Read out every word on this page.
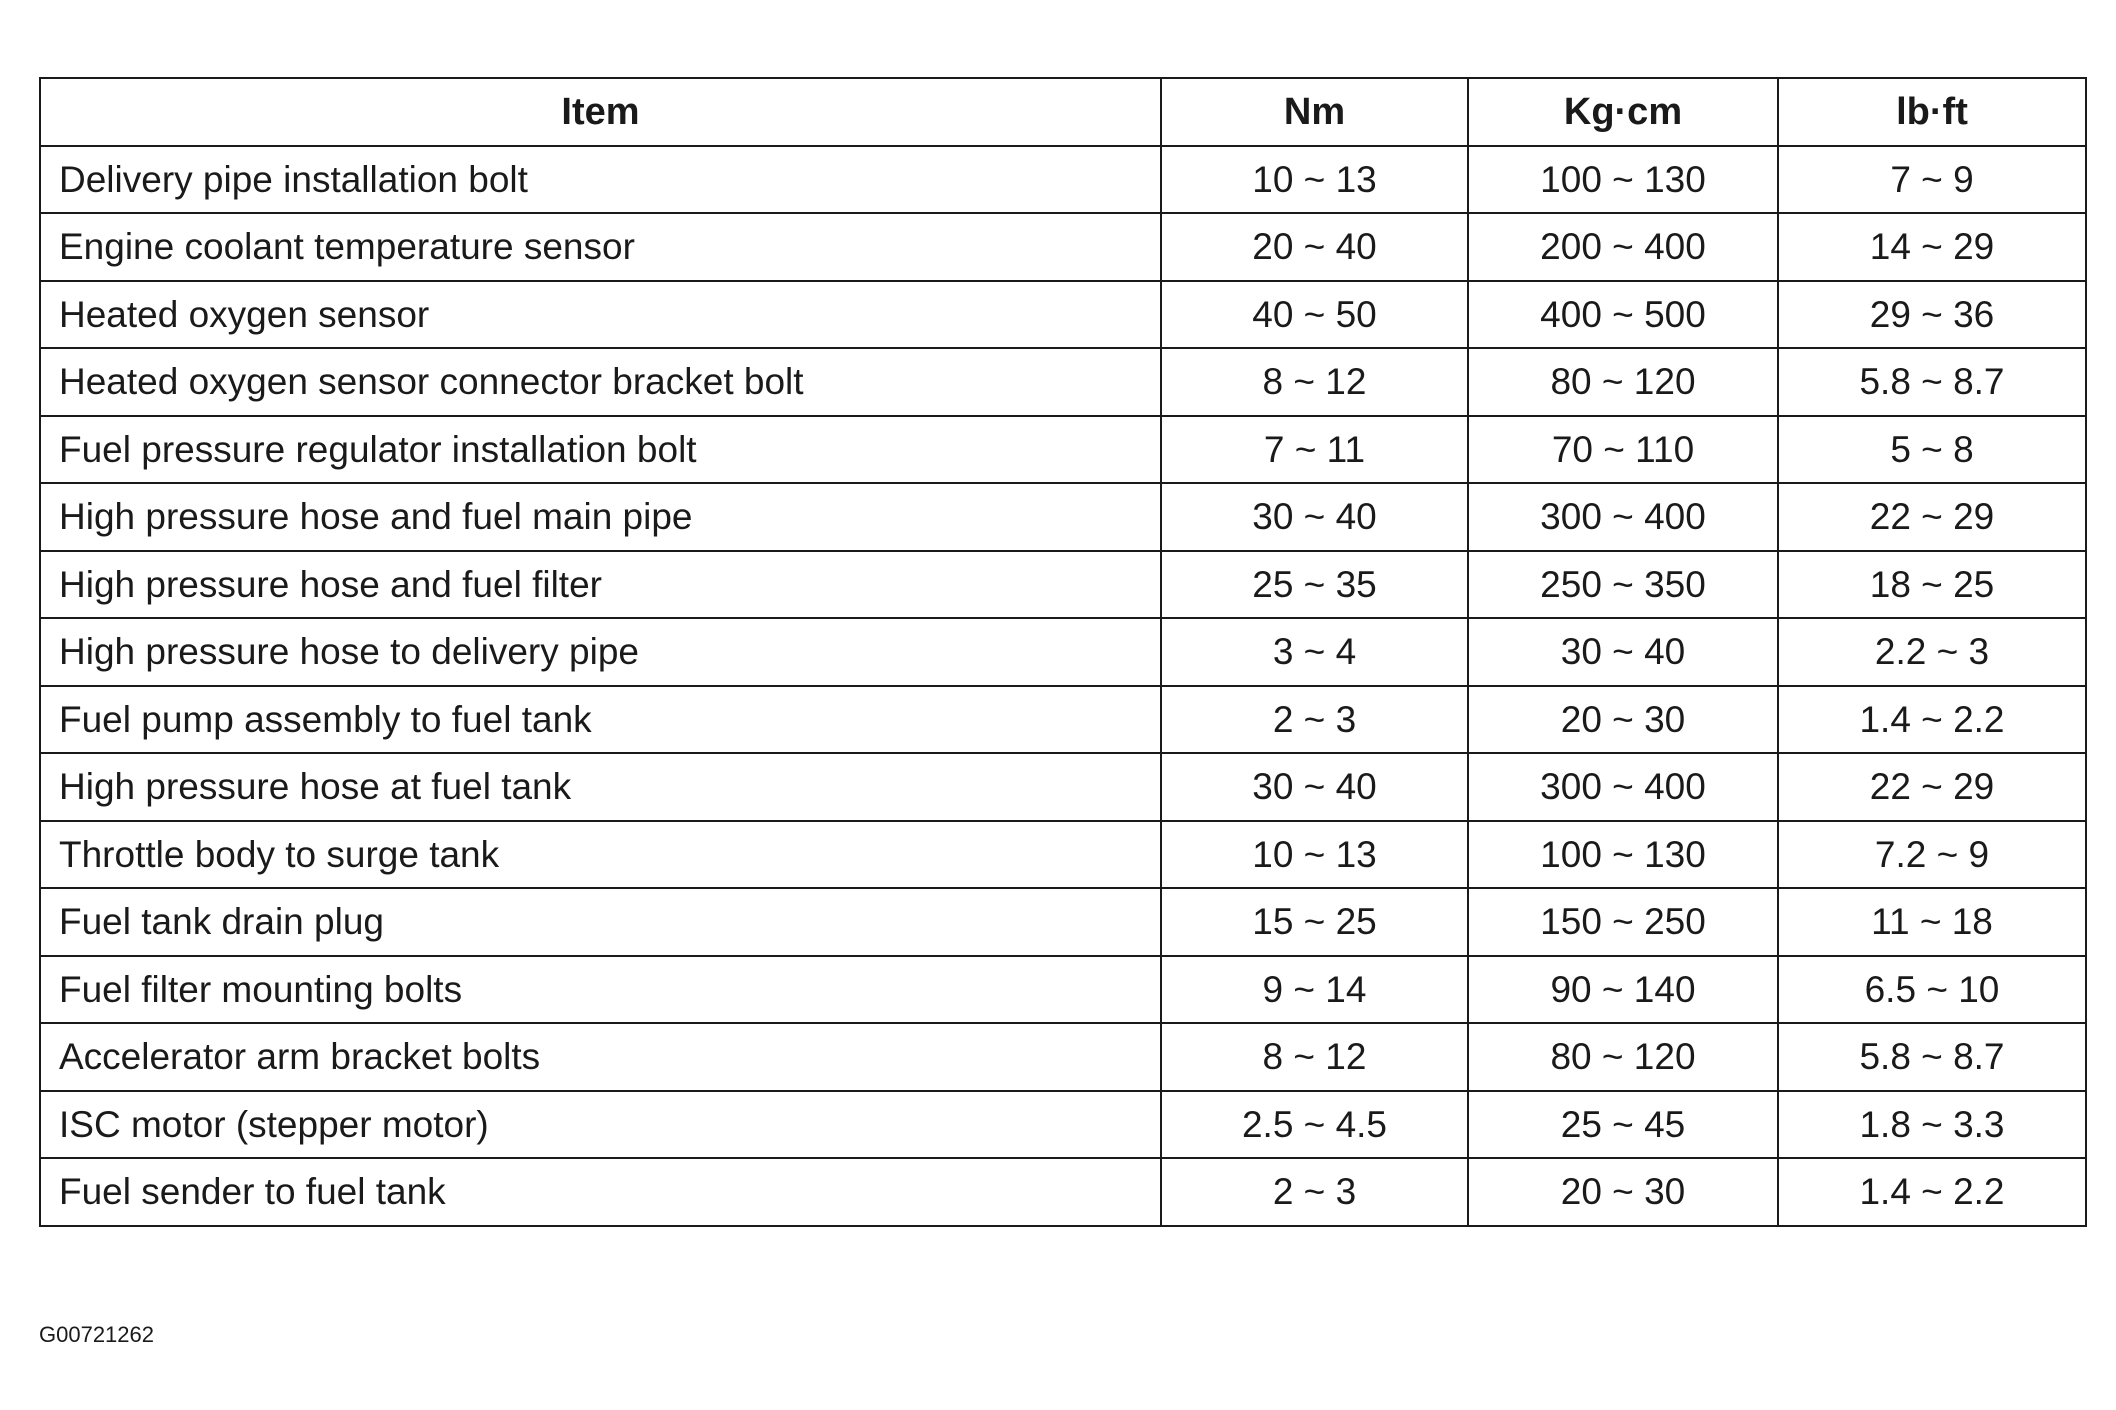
Item	Nm	Kg·cm	lb·ft
Delivery pipe installation bolt	10 ~ 13	100 ~ 130	7 ~ 9
Engine coolant temperature sensor	20 ~ 40	200 ~ 400	14 ~ 29
Heated oxygen sensor	40 ~ 50	400 ~ 500	29 ~ 36
Heated oxygen sensor connector bracket bolt	8 ~ 12	80 ~ 120	5.8 ~ 8.7
Fuel pressure regulator installation bolt	7 ~ 11	70 ~ 110	5 ~ 8
High pressure hose and fuel main pipe	30 ~ 40	300 ~ 400	22 ~ 29
High pressure hose and fuel filter	25 ~ 35	250 ~ 350	18 ~ 25
High pressure hose to delivery pipe	3 ~ 4	30 ~ 40	2.2 ~ 3
Fuel pump assembly to fuel tank	2 ~ 3	20 ~ 30	1.4 ~ 2.2
High pressure hose at fuel tank	30 ~ 40	300 ~ 400	22 ~ 29
Throttle body to surge tank	10 ~ 13	100 ~ 130	7.2 ~ 9
Fuel tank drain plug	15 ~ 25	150 ~ 250	11 ~ 18
Fuel filter mounting bolts	9 ~ 14	90 ~ 140	6.5 ~ 10
Accelerator arm bracket bolts	8 ~ 12	80 ~ 120	5.8 ~ 8.7
ISC motor (stepper motor)	2.5 ~ 4.5	25 ~ 45	1.8 ~ 3.3
Fuel sender to fuel tank	2 ~ 3	20 ~ 30	1.4 ~ 2.2
G00721262
